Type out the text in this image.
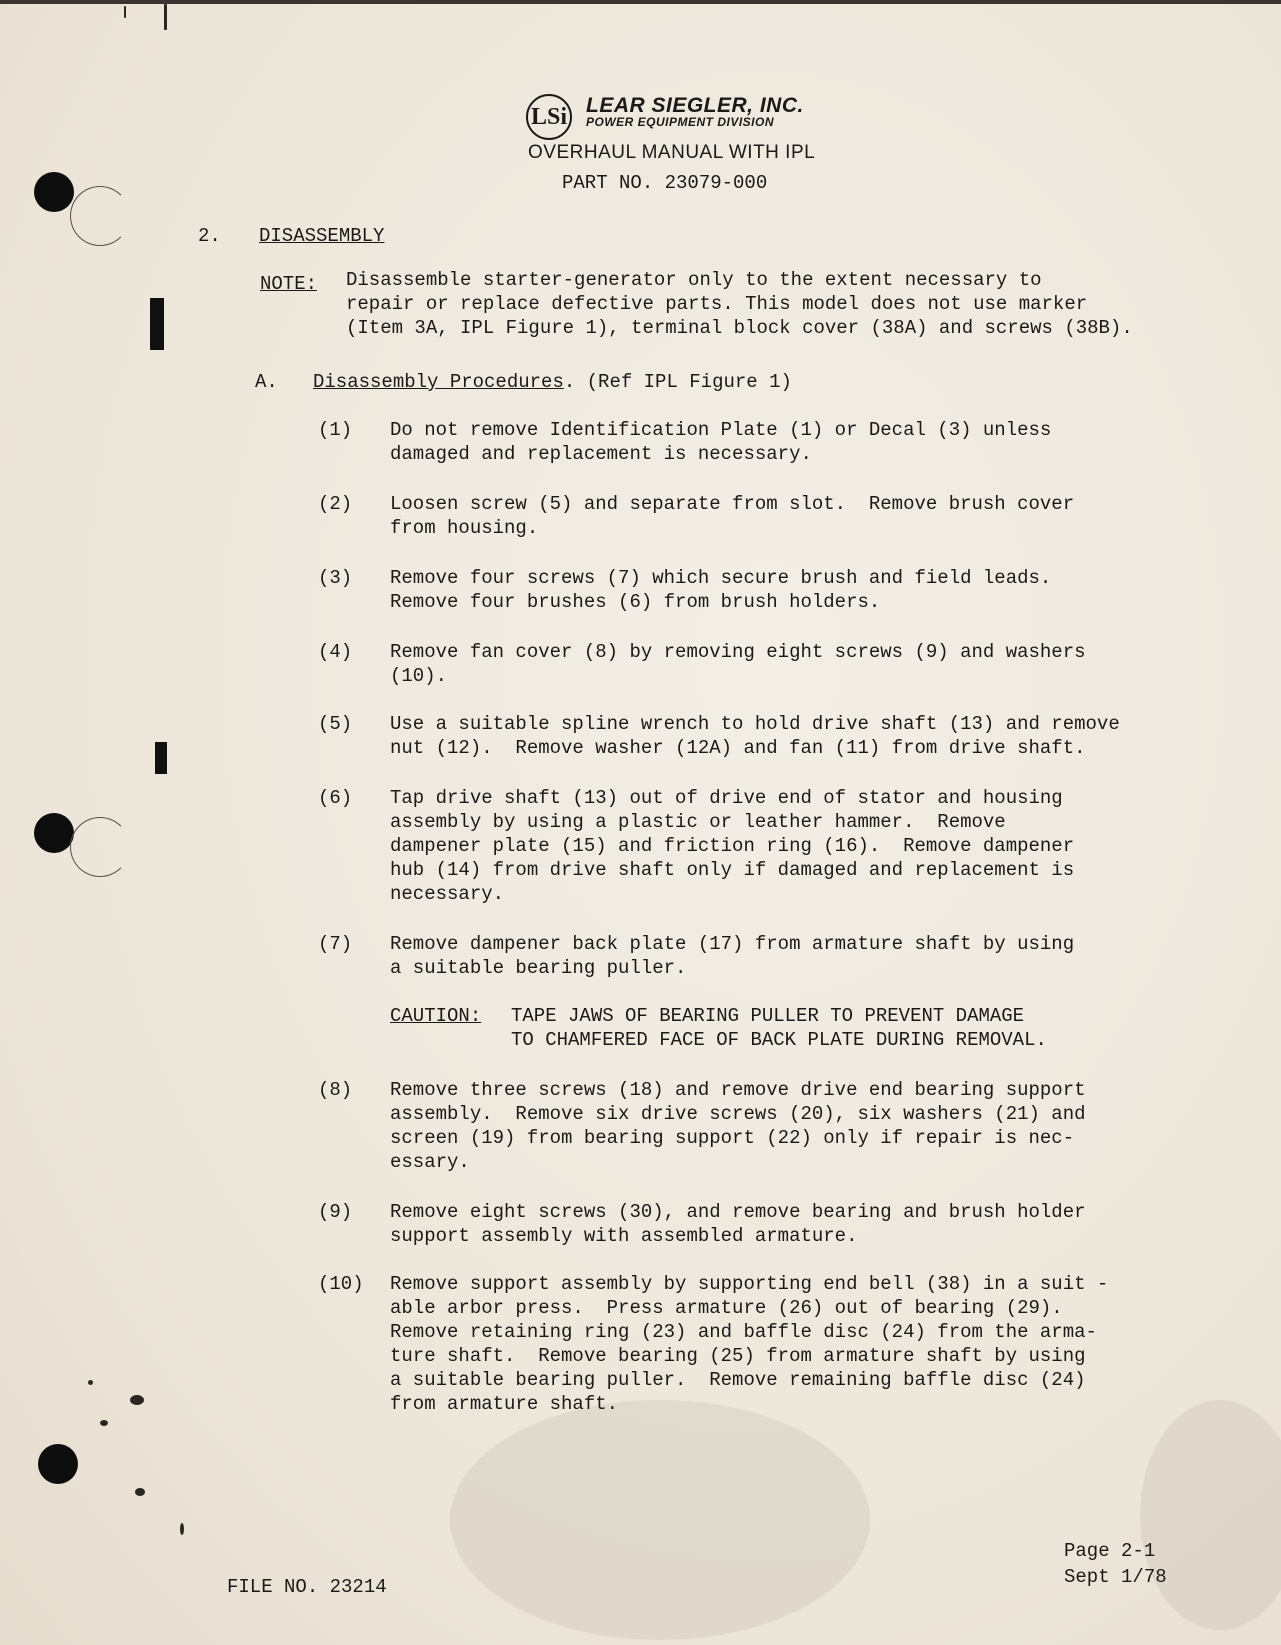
LSi LEAR SIEGLER, INC.
POWER EQUIPMENT DIVISION
OVERHAUL MANUAL WITH IPL
PART NO. 23079-000
2. DISASSEMBLY
NOTE: Disassemble starter-generator only to the extent necessary to
repair or replace defective parts. This model does not use marker
(Item 3A, IPL Figure 1), terminal block cover (38A) and screws (38B).
A. Disassembly Procedures. (Ref IPL Figure 1)
(1) Do not remove Identification Plate (1) or Decal (3) unless
damaged and replacement is necessary.
(2) Loosen screw (5) and separate from slot.  Remove brush cover
from housing.
(3) Remove four screws (7) which secure brush and field leads.
Remove four brushes (6) from brush holders.
(4) Remove fan cover (8) by removing eight screws (9) and washers
(10).
(5) Use a suitable spline wrench to hold drive shaft (13) and remove
nut (12).  Remove washer (12A) and fan (11) from drive shaft.
(6) Tap drive shaft (13) out of drive end of stator and housing
assembly by using a plastic or leather hammer.  Remove
dampener plate (15) and friction ring (16).  Remove dampener
hub (14) from drive shaft only if damaged and replacement is
necessary.
(7) Remove dampener back plate (17) from armature shaft by using
a suitable bearing puller.
CAUTION: TAPE JAWS OF BEARING PULLER TO PREVENT DAMAGE
TO CHAMFERED FACE OF BACK PLATE DURING REMOVAL.
(8) Remove three screws (18) and remove drive end bearing support
assembly.  Remove six drive screws (20), six washers (21) and
screen (19) from bearing support (22) only if repair is nec-
essary.
(9) Remove eight screws (30), and remove bearing and brush holder
support assembly with assembled armature.
(10) Remove support assembly by supporting end bell (38) in a suit -
able arbor press.  Press armature (26) out of bearing (29).
Remove retaining ring (23) and baffle disc (24) from the arma-
ture shaft.  Remove bearing (25) from armature shaft by using
a suitable bearing puller.  Remove remaining baffle disc (24)
from armature shaft.
FILE NO. 23214
Page 2-1
Sept 1/78
